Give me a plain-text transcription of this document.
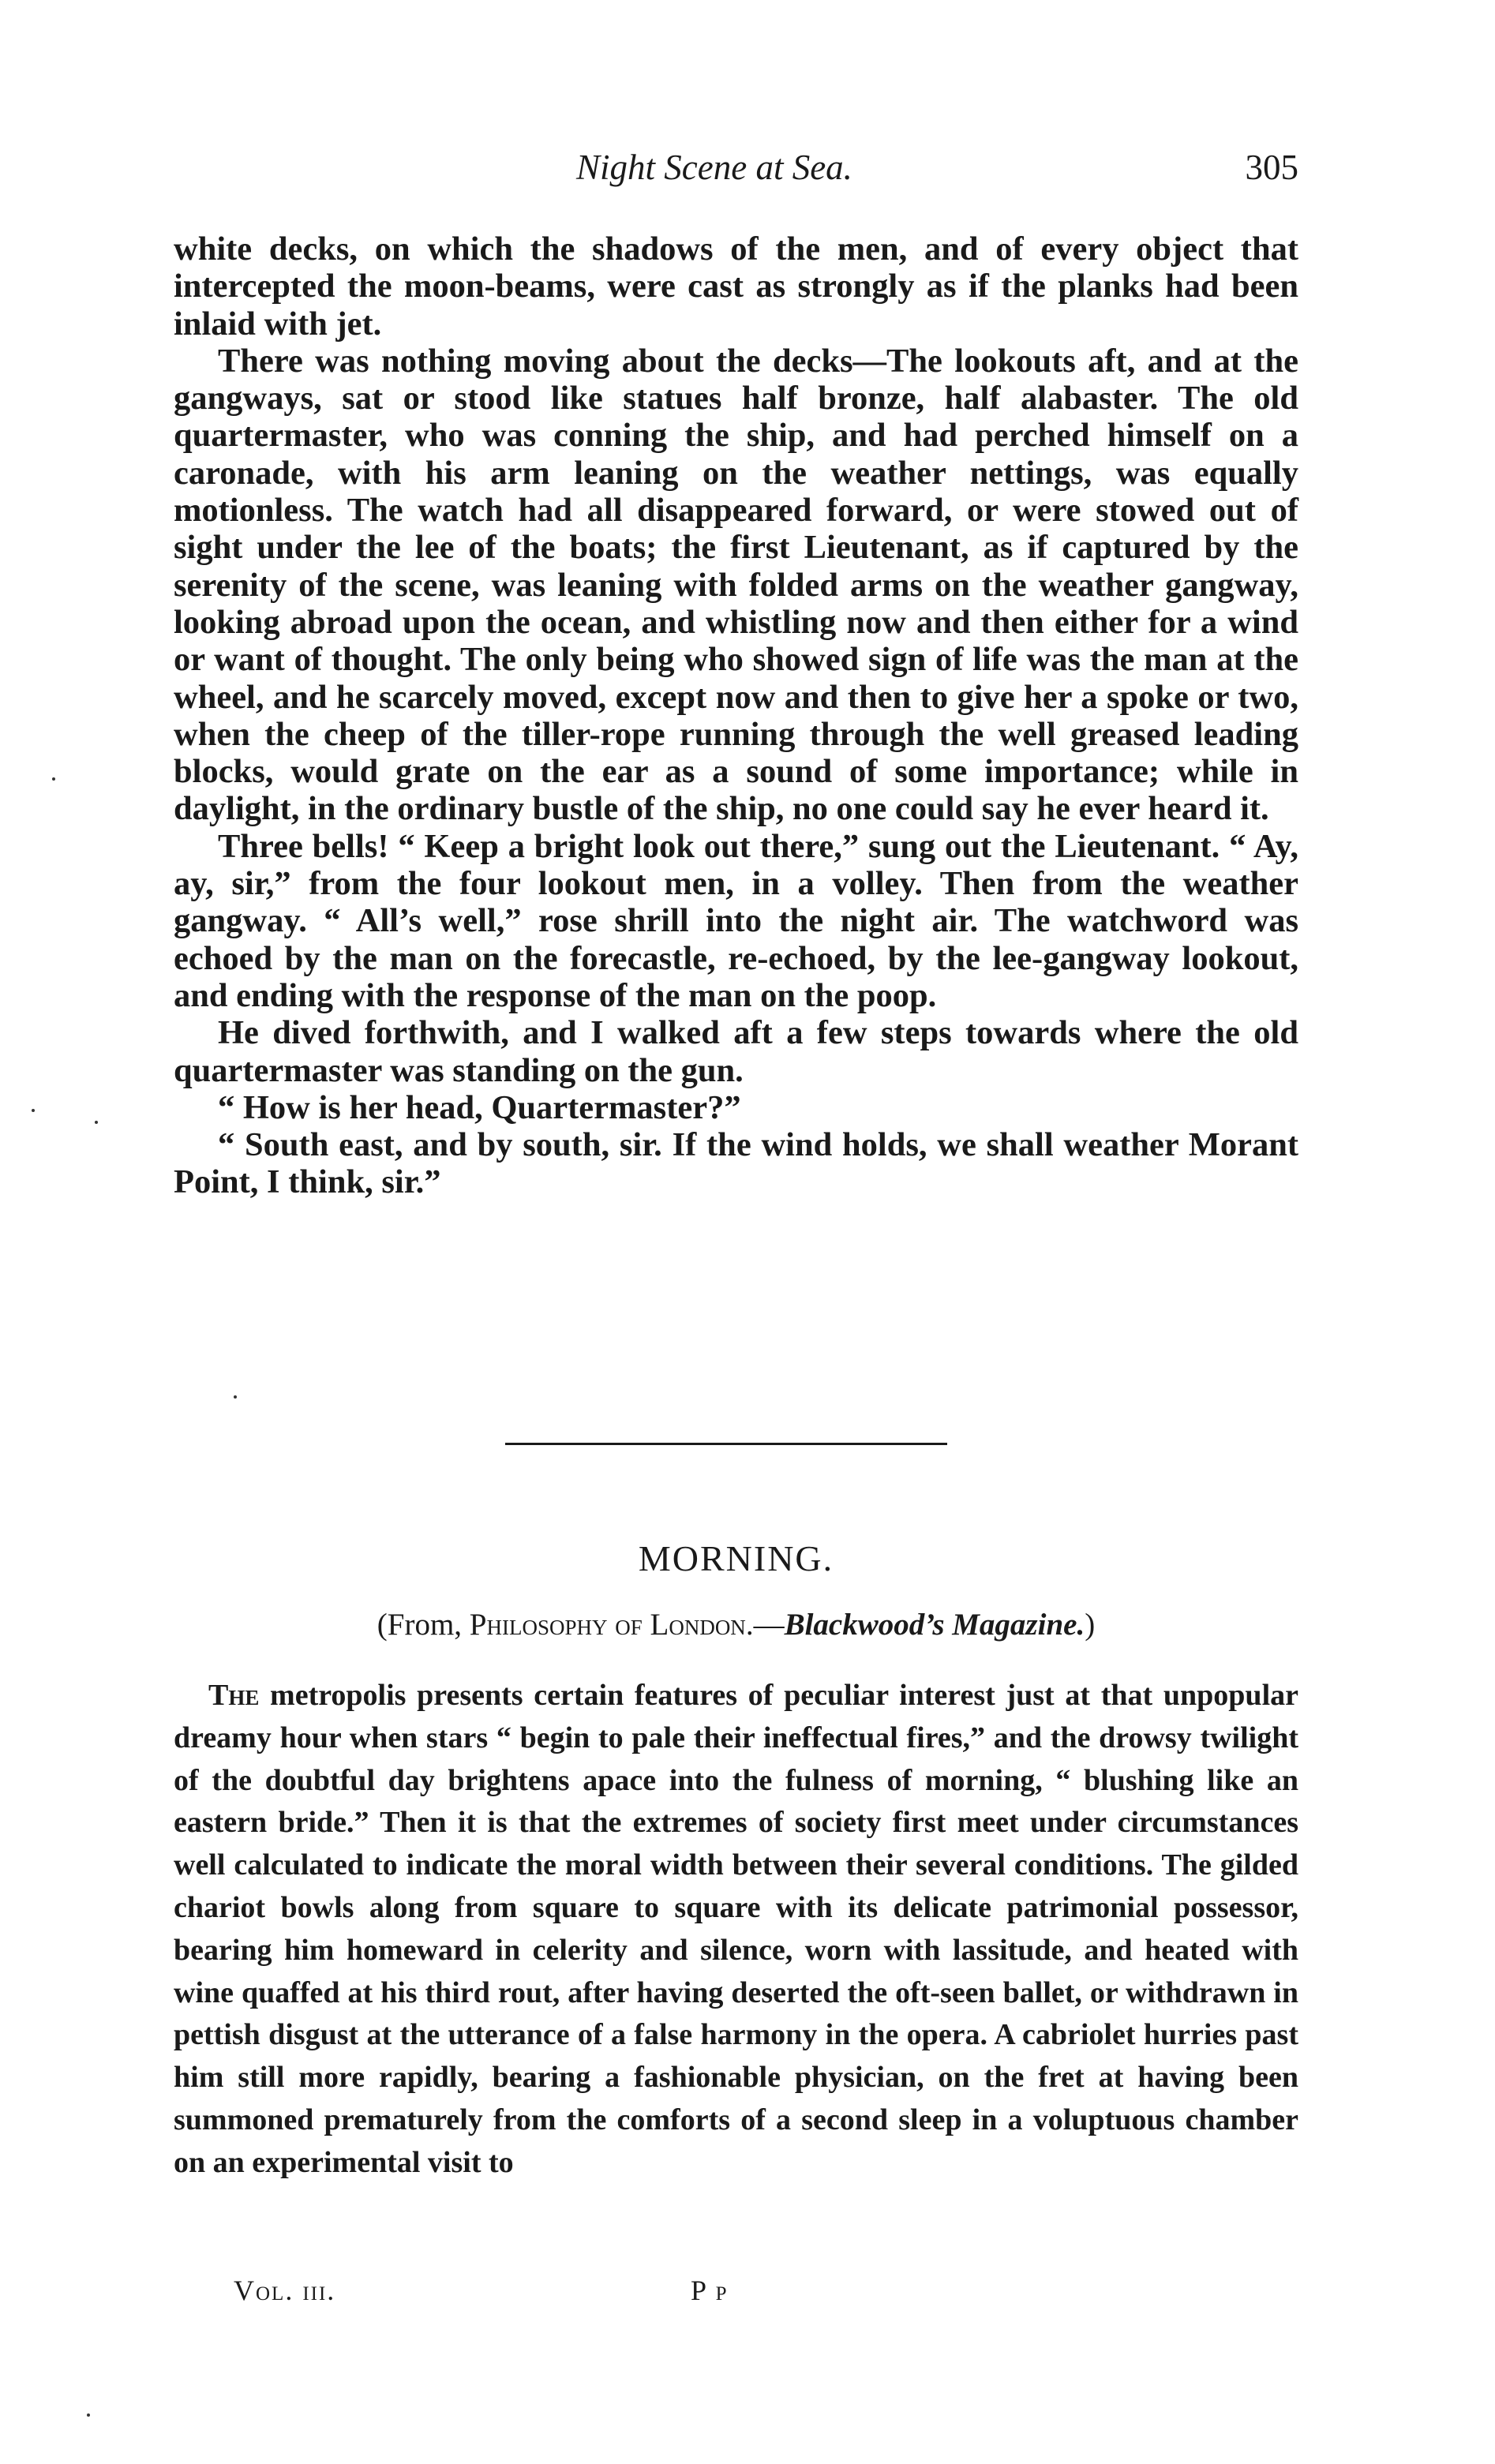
Night Scene at Sea.	305

white decks, on which the shadows of the men, and of every object that intercepted the moon-beams, were cast as strongly as if the planks had been inlaid with jet.

There was nothing moving about the decks—The lookouts aft, and at the gangways, sat or stood like statues half bronze, half alabaster. The old quartermaster, who was conning the ship, and had perched himself on a caronade, with his arm leaning on the weather nettings, was equally motionless. The watch had all disappeared forward, or were stowed out of sight under the lee of the boats; the first Lieutenant, as if captured by the serenity of the scene, was leaning with folded arms on the weather gangway, looking abroad upon the ocean, and whistling now and then either for a wind or want of thought. The only being who showed sign of life was the man at the wheel, and he scarcely moved, except now and then to give her a spoke or two, when the cheep of the tiller-rope running through the well greased leading blocks, would grate on the ear as a sound of some importance; while in daylight, in the ordinary bustle of the ship, no one could say he ever heard it.

Three bells! “ Keep a bright look out there,” sung out the Lieutenant. “ Ay, ay, sir,” from the four lookout men, in a volley. Then from the weather gangway. “ All’s well,” rose shrill into the night air. The watchword was echoed by the man on the forecastle, re-echoed, by the lee-gangway lookout, and ending with the response of the man on the poop.

He dived forthwith, and I walked aft a few steps towards where the old quartermaster was standing on the gun.

“ How is her head, Quartermaster?”

“ South east, and by south, sir. If the wind holds, we shall weather Morant Point, I think, sir.”

MORNING.
(From, Philosophy of London.—Blackwood’s Magazine.)

The metropolis presents certain features of peculiar interest just at that unpopular dreamy hour when stars “ begin to pale their ineffectual fires,” and the drowsy twilight of the doubtful day brightens apace into the fulness of morning, “ blushing like an eastern bride.” Then it is that the extremes of society first meet under circumstances well calculated to indicate the moral width between their several conditions. The gilded chariot bowls along from square to square with its delicate patrimonial possessor, bearing him homeward in celerity and silence, worn with lassitude, and heated with wine quaffed at his third rout, after having deserted the oft-seen ballet, or withdrawn in pettish disgust at the utterance of a false harmony in the opera. A cabriolet hurries past him still more rapidly, bearing a fashionable physician, on the fret at having been summoned prematurely from the comforts of a second sleep in a voluptuous chamber on an experimental visit to

Vol. iii.	P p
